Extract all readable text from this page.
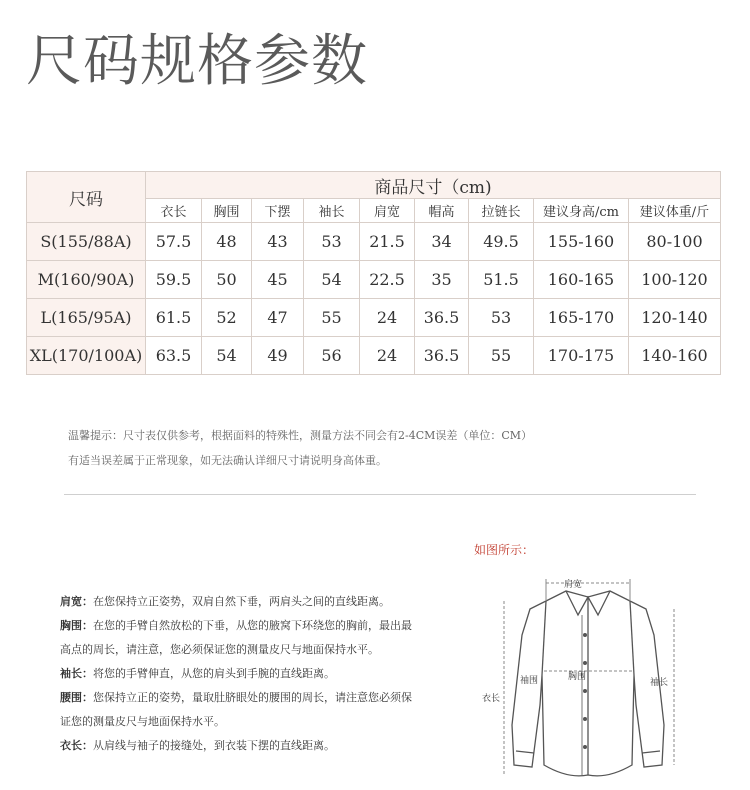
尺码规格参数
尺码	商品尺寸（cm)								
	衣长	胸围	下摆	袖长	肩宽	帽高	拉链长	建议身高/cm	建议体重/斤
S(155/88A)	57.5	48	43	53	21.5	34	49.5	155-160	80-100
M(160/90A)	59.5	50	45	54	22.5	35	51.5	160-165	100-120
L(165/95A)	61.5	52	47	55	24	36.5	53	165-170	120-140
XL(170/100A)	63.5	54	49	56	24	36.5	55	170-175	140-160
温馨提示：尺寸表仅供参考，根据面料的特殊性，测量方法不同会有2-4CM误差（单位：CM）
有适当误差属于正常现象，如无法确认详细尺寸请说明身高体重。
如图所示：

肩宽：在您保持立正姿势，双肩自然下垂，两肩头之间的直线距离。

胸围：在您的手臂自然放松的下垂，从您的腋窝下环绕您的胸前，最出最

高点的周长，请注意，您必须保证您的测量皮尺与地面保持水平。

袖长：将您的手臂伸直，从您的肩头到手腕的直线距离。

腰围：您保持立正的姿势，量取肚脐眼处的腰围的周长，请注意您必须保

证您的测量皮尺与地面保持水平。

衣长：从肩线与袖子的接缝处，到衣装下摆的直线距离。

肩宽
袖围	胸围
袖长
衣长
